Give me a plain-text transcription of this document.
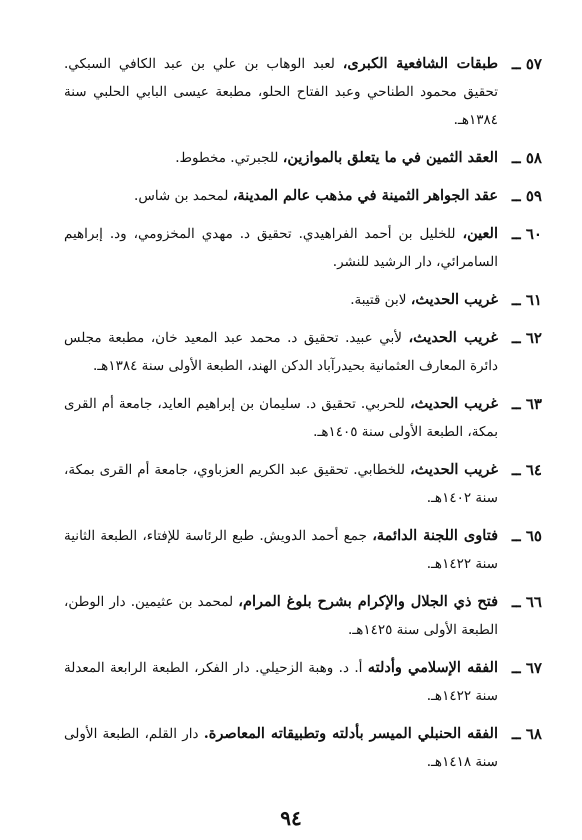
٥٧ ــ
طبقات الشافعية الكبرى، لعبد الوهاب بن علي بن عبد الكافي السبكي. تحقيق محمود الطناحي وعبد الفتاح الحلو، مطبعة عيسى البابي الحلبي سنة ١٣٨٤هـ.
٥٨ ــ
العقد الثمين في ما يتعلق بالموازين، للجبرتي. مخطوط.
٥٩ ــ
عقد الجواهر الثمينة في مذهب عالم المدينة، لمحمد بن شاس.
٦٠ ــ
العين، للخليل بن أحمد الفراهيدي. تحقيق د. مهدي المخزومي، ود. إبراهيم السامرائي، دار الرشيد للنشر.
٦١ ــ
غريب الحديث، لابن قتيبة.
٦٢ ــ
غريب الحديث، لأبي عبيد. تحقيق د. محمد عبد المعيد خان، مطبعة مجلس دائرة المعارف العثمانية بحيدرآباد الدكن الهند، الطبعة الأولى سنة ١٣٨٤هـ.
٦٣ ــ
غريب الحديث، للحربي. تحقيق د. سليمان بن إبراهيم العايد، جامعة أم القرى بمكة، الطبعة الأولى سنة ١٤٠٥هـ.
٦٤ ــ
غريب الحديث، للخطابي. تحقيق عبد الكريم العزباوي، جامعة أم القرى بمكة، سنة ١٤٠٢هـ.
٦٥ ــ
فتاوى اللجنة الدائمة، جمع أحمد الدويش. طبع الرئاسة للإفتاء، الطبعة الثانية سنة ١٤٢٢هـ.
٦٦ ــ
فتح ذي الجلال والإكرام بشرح بلوغ المرام، لمحمد بن عثيمين. دار الوطن، الطبعة الأولى سنة ١٤٢٥هـ.
٦٧ ــ
الفقه الإسلامي وأدلته أ. د. وهبة الزحيلي. دار الفكر، الطبعة الرابعة المعدلة سنة ١٤٢٢هـ.
٦٨ ــ
الفقه الحنبلي الميسر بأدلته وتطبيقاته المعاصرة. دار القلم، الطبعة الأولى سنة ١٤١٨هـ.
٩٤
